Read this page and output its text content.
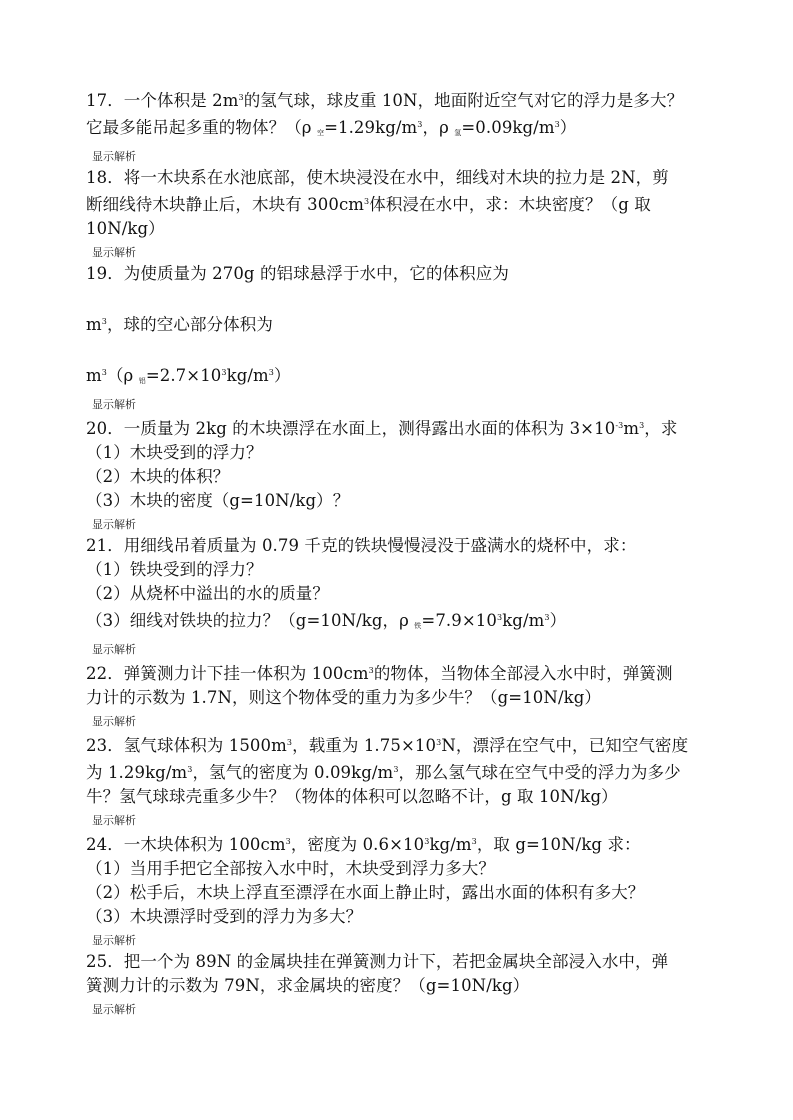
17．一个体积是 $2m^3$的氢气球，球皮重 10N，地面附近空气对它的浮力是多大？
它最多能吊起多重的物体？（ρ $_空=1.29kg/m^3$，ρ $_氢=0.09kg/m^3$）
显示解析
18．将一木块系在水池底部，使木块浸没在水中，细线对木块的拉力是 2N，剪
断细线待木块静止后，木块有 $300cm^3$体积浸在水中，求：木块密度？（g 取
10N/kg）
显示解析
19．为使质量为 270g 的铝球悬浮于水中，它的体积应为
$m^3$，球的空心部分体积为
$m^3(\rho$ $_铝=2.7\times 10^3kg/m^3$）
显示解析
20．一质量为 2kg 的木块漂浮在水面上，测得露出水面的体积为 $3\times 10^{-3}m^3$，求
（1）木块受到的浮力？
（2）木块的体积？
（3）木块的密度（g=10N/kg）？
显示解析
21．用细线吊着质量为 0.79 千克的铁块慢慢浸没于盛满水的烧杯中，求：
（1）铁块受到的浮力？
（2）从烧杯中溢出的水的质量？
（3）细线对铁块的拉力？（g=10N/kg，ρ $_铁=7.9\times 10^3kg/m^3$）
显示解析
22．弹簧测力计下挂一体积为 $100cm^3$的物体，当物体全部浸入水中时，弹簧测
力计的示数为 1.7N，则这个物体受的重力为多少牛？（g=10N/kg）
显示解析
23．氢气球体积为 $1500m^3$，载重为 $1.75\times 10^3N$，漂浮在空气中，已知空气密度
为 $1.29kg/m^3$，氢气的密度为 $0.09kg/m^3$，那么氢气球在空气中受的浮力为多少
牛？氢气球球壳重多少牛？（物体的体积可以忽略不计，g 取 10N/kg）
显示解析
24．一木块体积为 $100cm^3$，密度为 $0.6\times 10^3kg/m^3$，取 g=10N/kg 求：
（1）当用手把它全部按入水中时，木块受到浮力多大？
（2）松手后，木块上浮直至漂浮在水面上静止时，露出水面的体积有多大？
（3）木块漂浮时受到的浮力为多大？
显示解析
25．把一个为 89N 的金属块挂在弹簧测力计下，若把金属块全部浸入水中，弹
簧测力计的示数为 79N，求金属块的密度？（g=10N/kg）
显示解析
